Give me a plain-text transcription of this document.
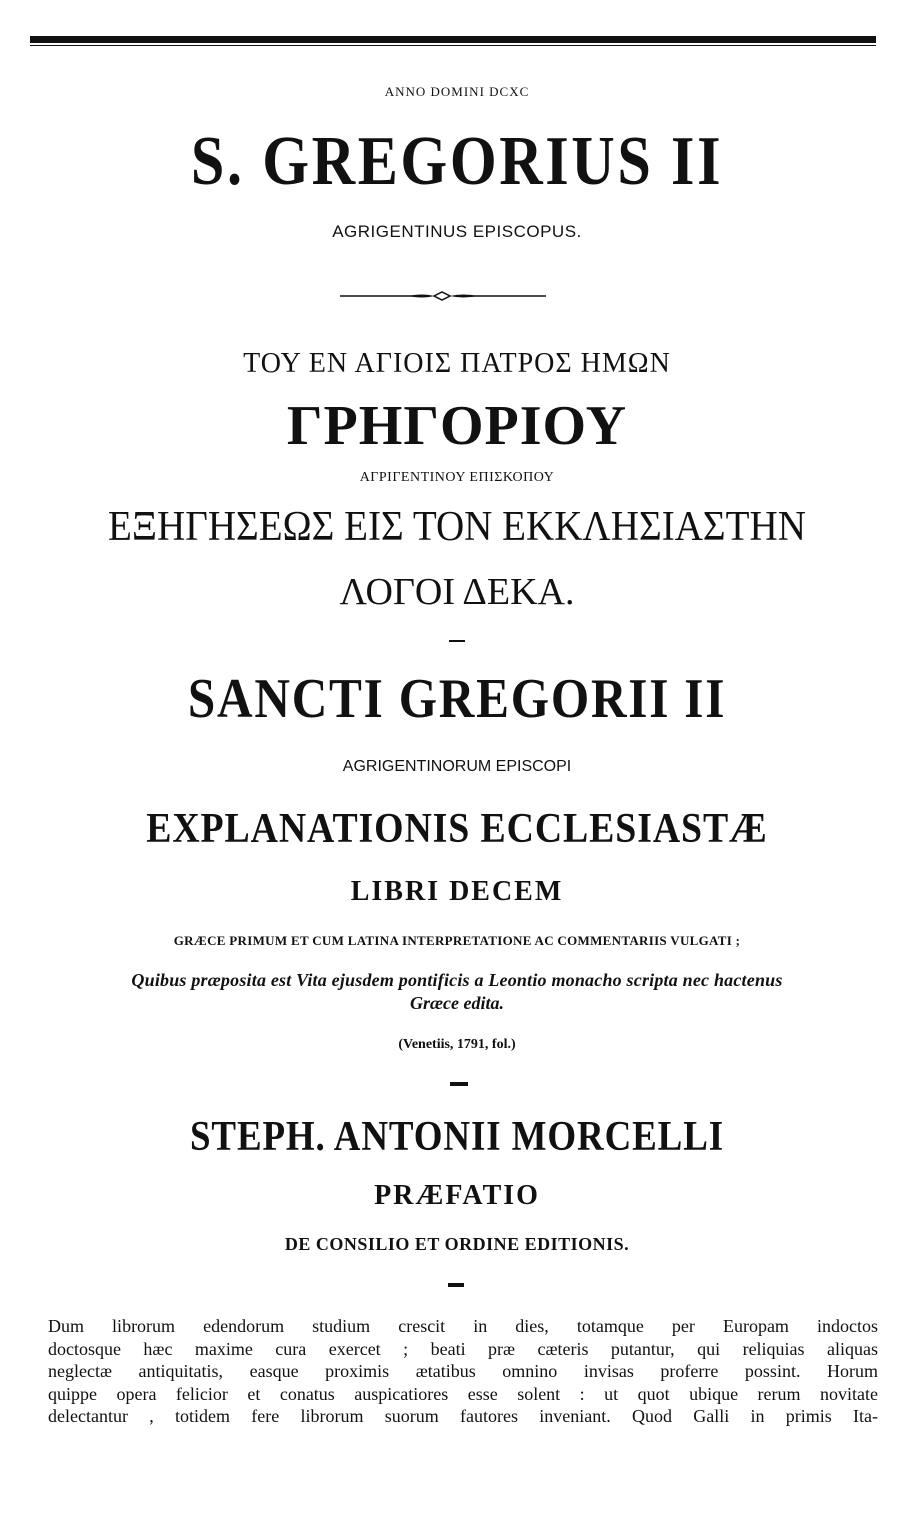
ANNO DOMINI DCXC
S. GREGORIUS II
AGRIGENTINUS EPISCOPUS.
ΤΟΥ ΕΝ ΑΓΙΟΙΣ ΠΑΤΡΟΣ ΗΜΩΝ
ΓΡΗΓΟΡΙΟΥ
ΑΓΡΙΓΕΝΤΙΝΟΥ ΕΠΙΣΚΟΠΟΥ
ΕΞΗΓΗΣΕΩΣ ΕΙΣ ΤΟΝ ΕΚΚΛΗΣΙΑΣΤΗΝ
ΛΟΓΟΙ ΔΕΚΑ.
SANCTI GREGORII II
AGRIGENTINORUM EPISCOPI
EXPLANATIONIS ECCLESIASTÆ
LIBRI DECEM
GRÆCE PRIMUM ET CUM LATINA INTERPRETATIONE AC COMMENTARIIS VULGATI ;
Quibus præposita est Vita ejusdem pontificis a Leontio monacho scripta nec hactenus
Græce edita.
(Venetiis, 1791, fol.)
STEPH. ANTONII MORCELLI
PRÆFATIO
DE CONSILIO ET ORDINE EDITIONIS.
Dum librorum edendorum studium crescit in dies, totamque per Europam indoctos
doctosque hæc maxime cura exercet ; beati præ cæteris putantur, qui reliquias aliquas
neglectæ antiquitatis, easque proximis ætatibus omnino invisas proferre possint. Horum
quippe opera felicior et conatus auspicatiores esse solent : ut quot ubique rerum novitate
delectantur , totidem fere librorum suorum fautores inveniant. Quod Galli in primis Ita-
